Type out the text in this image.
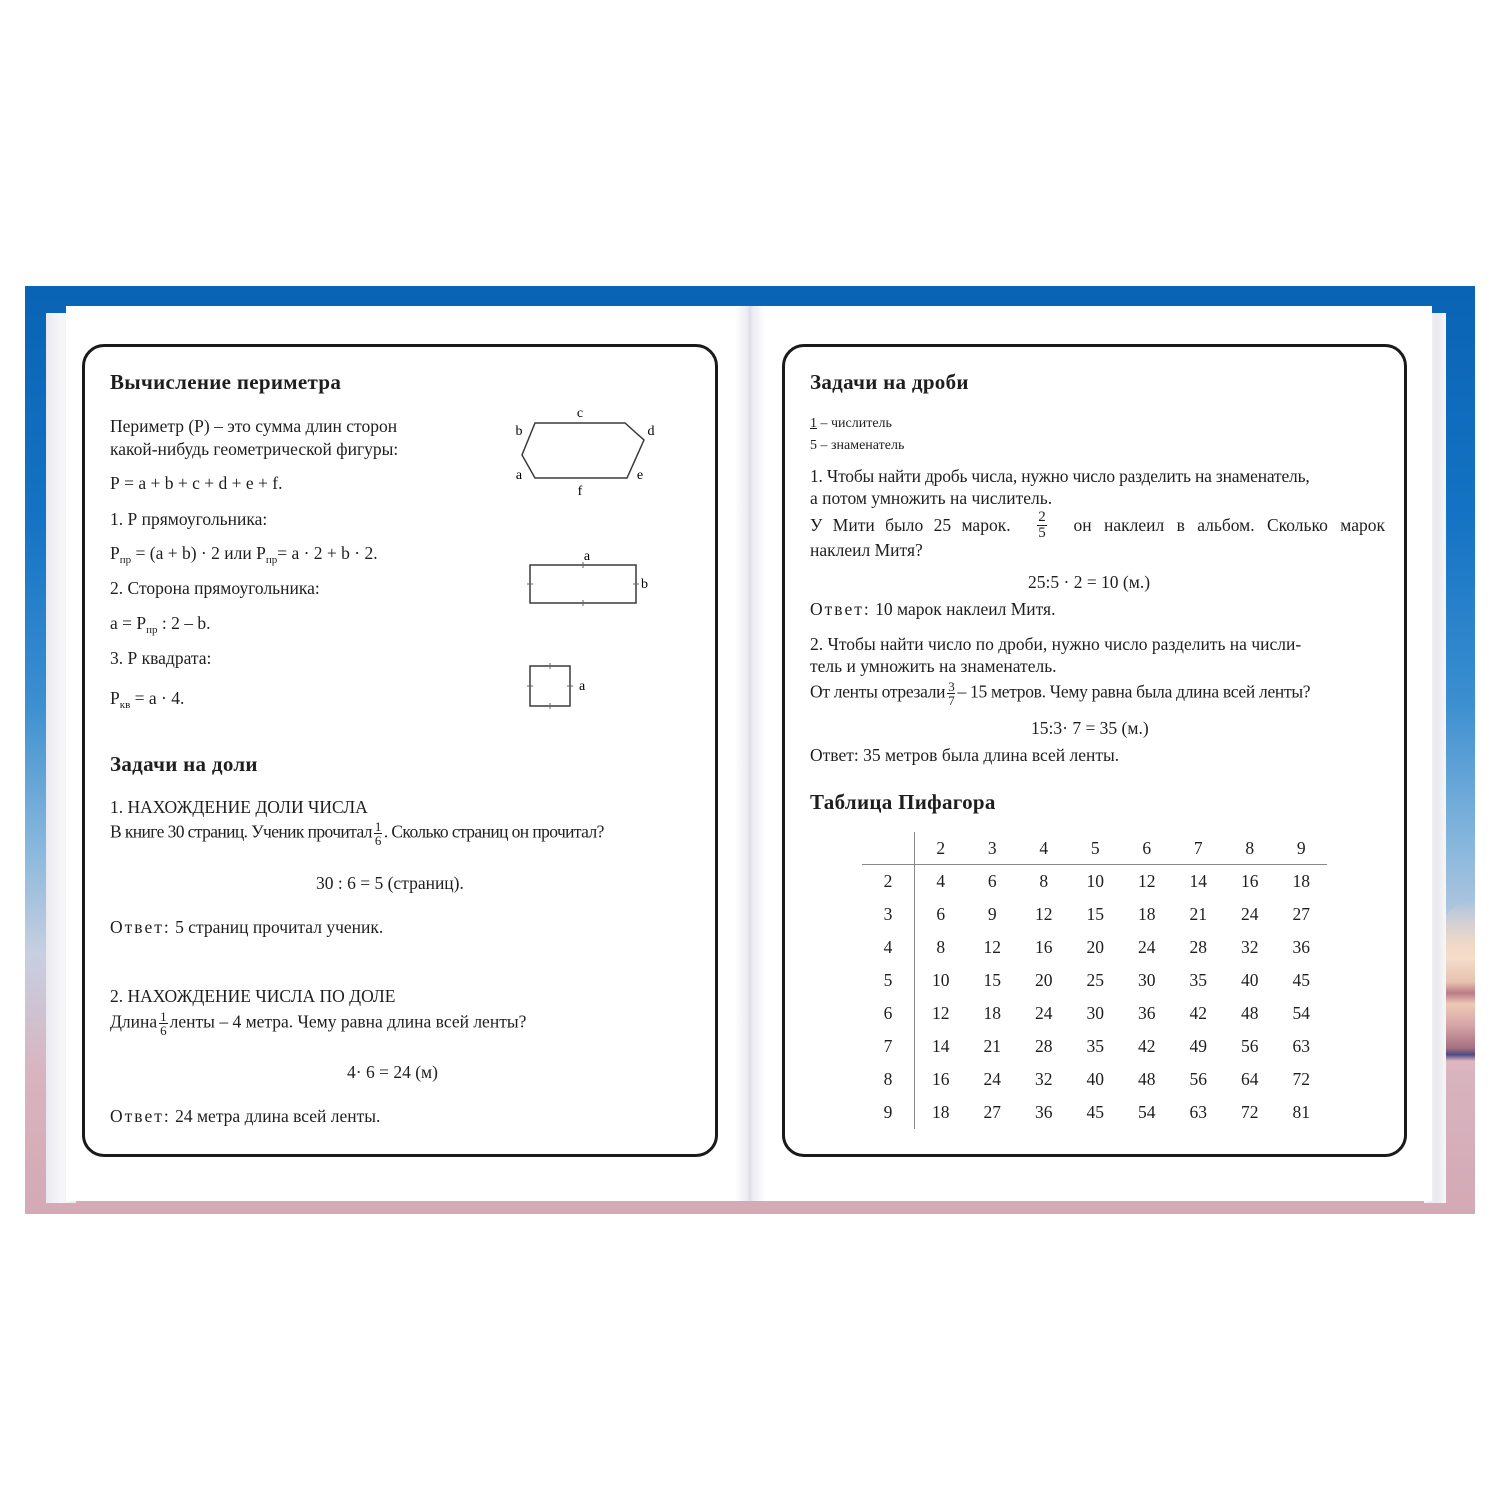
Вычисление периметра
Периметр (Р) – это сумма длин сторон
какой-нибудь геометрической фигуры:
Р = a + b + c + d + e + f.
1. Р прямоугольника:
$Р_{пр} = (a + b) \cdot 2$ или $Р_{пр}= a \cdot 2 + b \cdot 2$.
2. Сторона прямоугольника:
$a = Р_{пр}$ : 2 – b.
3. Р квадрата:
$Р_{кв} = a \cdot 4$.
c
b	d
a	e
f
a
b
a
Задачи на доли
1. НАХОЖДЕНИЕ ДОЛИ ЧИСЛА
В книге 30 страниц. Ученик прочитал $\frac{1}{6}$ . Сколько страниц он прочитал?
30 : 6 = 5 (страниц).
Ответ: 5 страниц прочитал ученик.
2. НАХОЖДЕНИЕ ЧИСЛА ПО ДОЛЕ
Длина $\frac{1}{6}$ ленты – 4 метра. Чему равна длина всей ленты?
4· 6 = 24 (м)
Ответ: 24 метра длина всей ленты.
Задачи на дроби
1 – числитель
5 – знаменатель
1. Чтобы найти дробь числа, нужно число разделить на знаменатель,
а потом умножить на числитель.
У Мити было 25 марок. $\frac{2}{5}$ он наклеил в альбом. Сколько марок
наклеил Митя?
25:5 · 2 = 10 (м.)
Ответ: 10 марок наклеил Митя.
2. Чтобы найти число по дроби, нужно число разделить на числи-
тель и умножить на знаменатель.
От ленты отрезали $\frac{3}{7} - 15$ метров. Чему равна была длина всей ленты?
15:3· 7 = 35 (м.)
Ответ: 35 метров была длина всей ленты.
Таблица Пифагора
	2	3	4	5	6	7	8	9
2	4	6	8	10	12	14	16	18
3	6	9	12	15	18	21	24	27
4	8	12	16	20	24	28	32	36
5	10	15	20	25	30	35	40	45
6	12	18	24	30	36	42	48	54
7	14	21	28	35	42	49	56	63
8	16	24	32	40	48	56	64	72
9	18	27	36	45	54	63	72	81
